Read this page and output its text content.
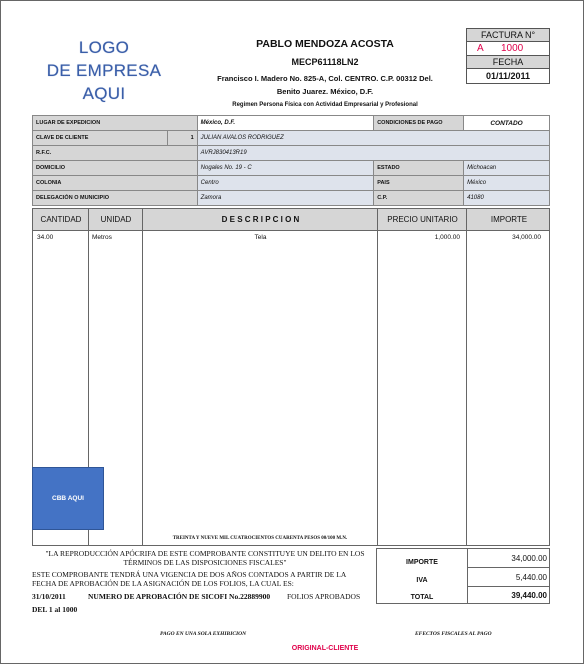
LOGO
DE EMPRESA
AQUI
PABLO MENDOZA ACOSTA
MECP61118LN2
Francisco I. Madero No. 825-A, Col. CENTRO. C.P. 00312 Del.
Benito Juarez. México, D.F.
Regimen Persona Física con Actividad Empresarial y Profesional
FACTURA N°
A	1000
FECHA
01/11/2011
LUGAR DE EXPEDICION		México, D.F.	CONDICIONES DE PAGO	CONTADO
CLAVE DE CLIENTE	1	JULIAN AVALOS RODRIGUEZ		
R.F.C.		AVRJ830413R19		
DOMICILIO		Nogales No. 19 - C	ESTADO	Michoacan
COLONIA		Centro	PAIS	México
DELEGACIÓN O MUNICIPIO		Zamora	C.P.	41080
CANTIDAD	UNIDAD	D E S C R I P C I O N	PRECIO UNITARIO	IMPORTE
34.00	Metros	Tela	1,000.00	34,000.00
CBB AQUI
TREINTA Y NUEVE MIL CUATROCIENTOS CUARENTA PESOS 00/100 M.N.
"LA REPRODUCCIÓN APÓCRIFA DE ESTE COMPROBANTE CONSTITUYE UN DELITO EN LOS
TÉRMINOS DE LAS DISPOSICIONES FISCALES"
ESTE COMPROBANTE TENDRÁ UNA VIGENCIA DE DOS AÑOS CONTADOS A PARTIR DE LA
FECHA DE APROBACIÓN DE LA ASIGNACIÓN DE LOS FOLIOS, LA CUAL ES:
31/10/2011	NUMERO DE APROBACIÓN DE SICOFI No.22889900 FOLIOS APROBADOS
DEL 1 al 1000
IMPORTE	34,000.00
IVA	5,440.00
TOTAL	39,440.00
PAGO EN UNA SOLA EXHIBICION	EFECTOS FISCALES AL PAGO
ORIGINAL-CLIENTE
